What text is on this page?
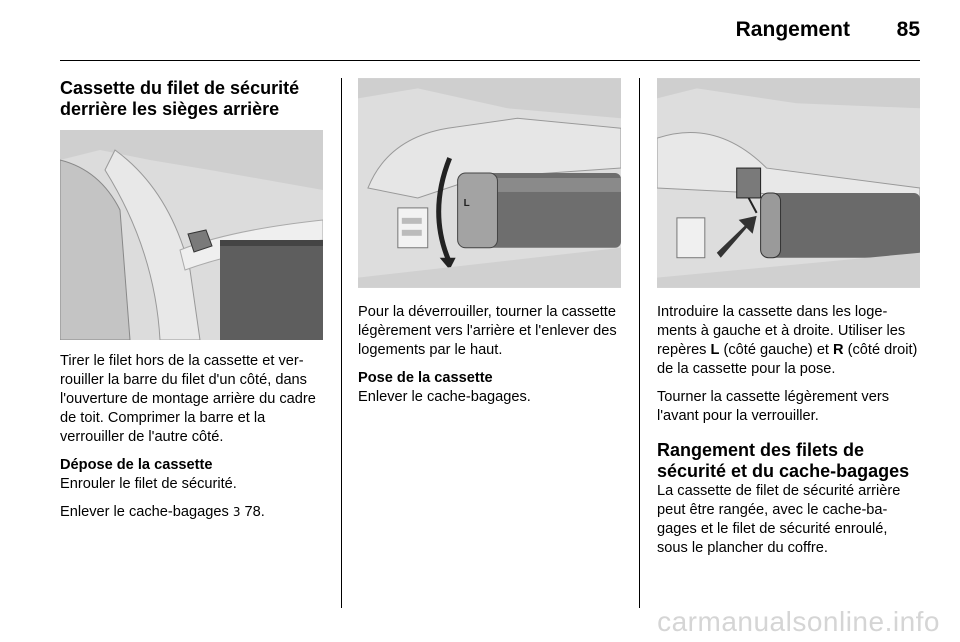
Rangement 85
Cassette du filet de sécurité
derrière les sièges arrière

Tirer le filet hors de la cassette et verrouiller la barre du filet d'un côté, dans l'ouverture de montage arrière du cadre de toit. Comprimer la barre et la verrouiller de l'autre côté.

Dépose de la cassette
Enrouler le filet de sécurité.

Enlever le cache-bagages 3 78.

L

Pour la déverrouiller, tourner la cassette légèrement vers l'arrière et l'enlever des logements par le haut.

Pose de la cassette
Enlever le cache-bagages.

Introduire la cassette dans les logements à gauche et à droite. Utiliser les repères L (côté gauche) et R (côté droit) de la cassette pour la pose.

Tourner la cassette légèrement vers l'avant pour la verrouiller.

Rangement des filets de
sécurité et du cache-bagages

La cassette de filet de sécurité arrière peut être rangée, avec le cache-bagages et le filet de sécurité enroulé, sous le plancher du coffre.

carmanualsonline.info
